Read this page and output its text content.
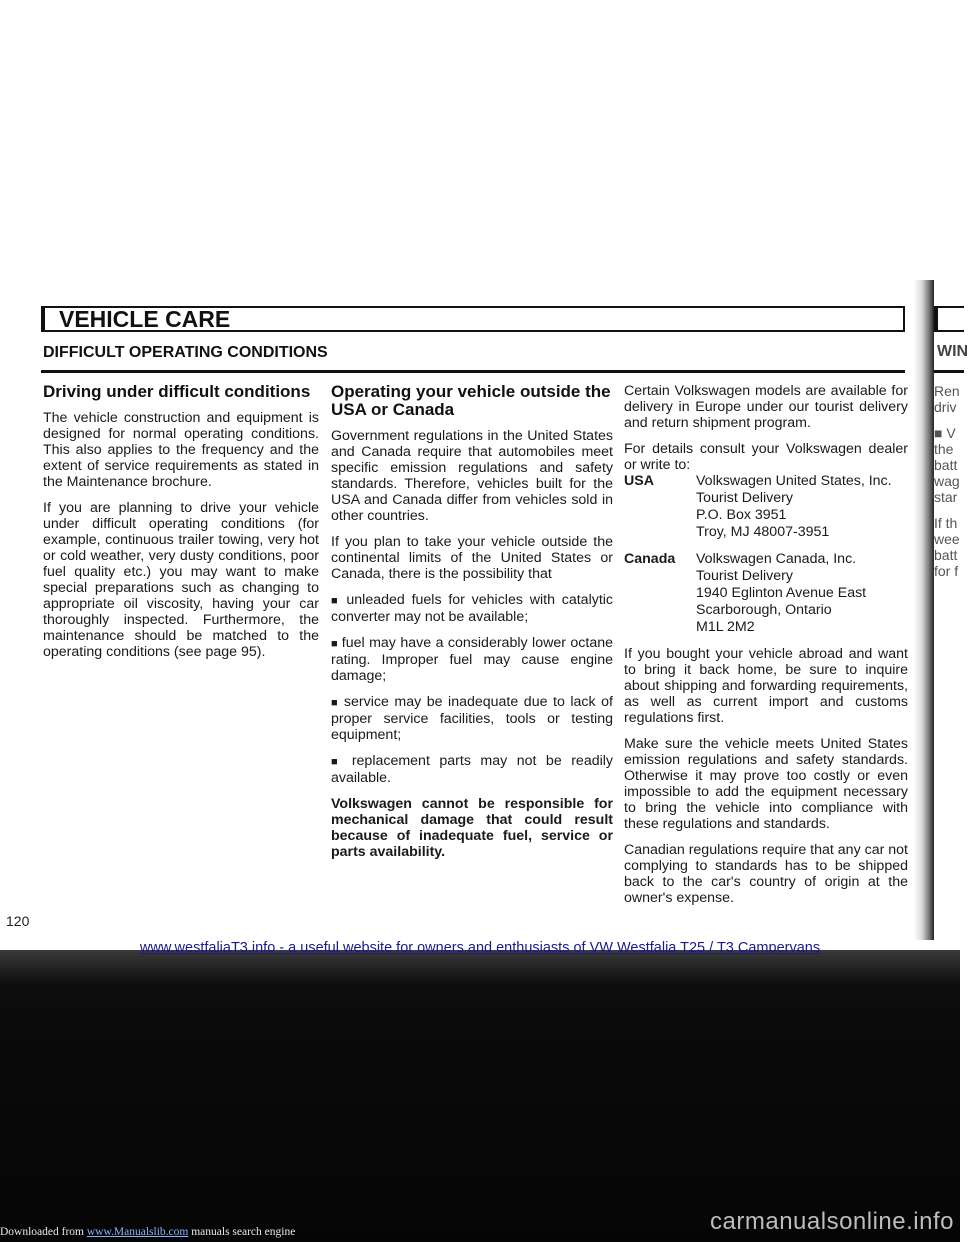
VEHICLE CARE
DIFFICULT OPERATING CONDITIONS	WIN
Driving under difficult conditions

The vehicle construction and equipment is designed for normal operating conditions. This also applies to the frequency and the extent of service requirements as stated in the Maintenance brochure.

If you are planning to drive your vehicle under difficult operating conditions (for example, continuous trailer towing, very hot or cold weather, very dusty conditions, poor fuel quality etc.) you may want to make special preparations such as changing to appropriate oil viscosity, having your car thoroughly inspected. Furthermore, the maintenance should be matched to the operating conditions (see page 95).

Operating your vehicle outside the USA or Canada

Government regulations in the United States and Canada require that automobiles meet specific emission regulations and safety standards. Therefore, vehicles built for the USA and Canada differ from vehicles sold in other countries.

If you plan to take your vehicle outside the continental limits of the United States or Canada, there is the possibility that

■ unleaded fuels for vehicles with catalytic converter may not be available;

■ fuel may have a considerably lower octane rating. Improper fuel may cause engine damage;

■ service may be inadequate due to lack of proper service facilities, tools or testing equipment;

■ replacement parts may not be readily available.

Volkswagen cannot be responsible for mechanical damage that could result because of inadequate fuel, service or parts availability.

Certain Volkswagen models are available for delivery in Europe under our tourist delivery and return shipment program.

For details consult your Volkswagen dealer or write to:

USA	Volkswagen United States, Inc.
Tourist Delivery
P.O. Box 3951
Troy, MJ 48007-3951
Canada	Volkswagen Canada, Inc.
Tourist Delivery
1940 Eglinton Avenue East
Scarborough, Ontario
M1L 2M2

If you bought your vehicle abroad and want to bring it back home, be sure to inquire about shipping and forwarding requirements, as well as current import and customs regulations first.

Make sure the vehicle meets United States emission regulations and safety standards. Otherwise it may prove too costly or even impossible to add the equipment necessary to bring the vehicle into compliance with these regulations and standards.

Canadian regulations require that any car not complying to standards has to be shipped back to the car's country of origin at the owner's expense.

Ren
driv
■ V
the
batt
wag
star
If th
wee
batt
for f
120
www.westfaliaT3.info - a useful website for owners and enthusiasts of VW Westfalia T25 / T3 Campervans
Downloaded from www.Manualslib.com manuals search engine	carmanualsonline.info
